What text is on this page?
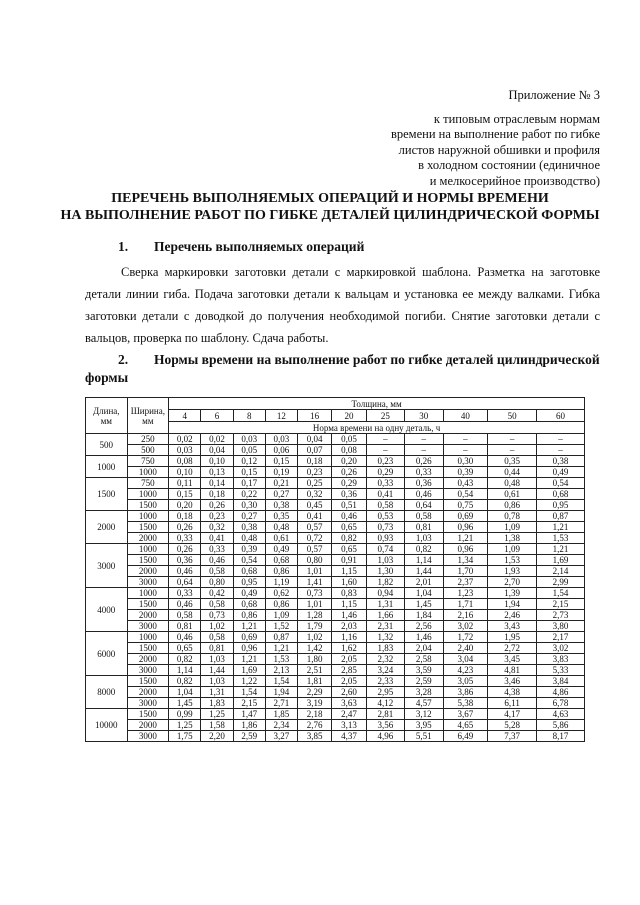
Приложение № 3
к типовым отраслевым нормам
времени на выполнение работ по гибке
листов наружной обшивки и профиля
в холодном состоянии (единичное
и мелкосерийное производство)
ПЕРЕЧЕНЬ ВЫПОЛНЯЕМЫХ ОПЕРАЦИЙ И НОРМЫ ВРЕМЕНИ
НА ВЫПОЛНЕНИЕ РАБОТ ПО ГИБКЕ ДЕТАЛЕЙ ЦИЛИНДРИЧЕСКОЙ ФОРМЫ
1. Перечень выполняемых операций
Сверка маркировки заготовки детали с маркировкой шаблона. Разметка на заготовке детали линии гиба. Подача заготовки детали к вальцам и установка ее между валками. Гибка заготовки детали с доводкой до получения необходимой погиби. Снятие заготовки детали с вальцов, проверка по шаблону. Сдача работы.
2. Нормы времени на выполнение работ по гибке деталей цилиндрической формы
Длина, мм	Ширина, мм	Толщина, мм										
		4	6	8	12	16	20	25	30	40	50	60
		Норма времени на одну деталь, ч										
500	250	0,02	0,02	0,03	0,03	0,04	0,05	–	–	–	–	–
	500	0,03	0,04	0,05	0,06	0,07	0,08	–	–	–	–	–
1000	750	0,08	0,10	0,12	0,15	0,18	0,20	0,23	0,26	0,30	0,35	0,38
	1000	0,10	0,13	0,15	0,19	0,23	0,26	0,29	0,33	0,39	0,44	0,49
1500	750	0,11	0,14	0,17	0,21	0,25	0,29	0,33	0,36	0,43	0,48	0,54
	1000	0,15	0,18	0,22	0,27	0,32	0,36	0,41	0,46	0,54	0,61	0,68
	1500	0,20	0,26	0,30	0,38	0,45	0,51	0,58	0,64	0,75	0,86	0,95
2000	1000	0,18	0,23	0,27	0,35	0,41	0,46	0,53	0,58	0,69	0,78	0,87
	1500	0,26	0,32	0,38	0,48	0,57	0,65	0,73	0,81	0,96	1,09	1,21
	2000	0,33	0,41	0,48	0,61	0,72	0,82	0,93	1,03	1,21	1,38	1,53
3000	1000	0,26	0,33	0,39	0,49	0,57	0,65	0,74	0,82	0,96	1,09	1,21
	1500	0,36	0,46	0,54	0,68	0,80	0,91	1,03	1,14	1,34	1,53	1,69
	2000	0,46	0,58	0,68	0,86	1,01	1,15	1,30	1,44	1,70	1,93	2,14
	3000	0,64	0,80	0,95	1,19	1,41	1,60	1,82	2,01	2,37	2,70	2,99
4000	1000	0,33	0,42	0,49	0,62	0,73	0,83	0,94	1,04	1,23	1,39	1,54
	1500	0,46	0,58	0,68	0,86	1,01	1,15	1,31	1,45	1,71	1,94	2,15
	2000	0,58	0,73	0,86	1,09	1,28	1,46	1,66	1,84	2,16	2,46	2,73
	3000	0,81	1,02	1,21	1,52	1,79	2,03	2,31	2,56	3,02	3,43	3,80
6000	1000	0,46	0,58	0,69	0,87	1,02	1,16	1,32	1,46	1,72	1,95	2,17
	1500	0,65	0,81	0,96	1,21	1,42	1,62	1,83	2,04	2,40	2,72	3,02
	2000	0,82	1,03	1,21	1,53	1,80	2,05	2,32	2,58	3,04	3,45	3,83
	3000	1,14	1,44	1,69	2,13	2,51	2,85	3,24	3,59	4,23	4,81	5,33
8000	1500	0,82	1,03	1,22	1,54	1,81	2,05	2,33	2,59	3,05	3,46	3,84
	2000	1,04	1,31	1,54	1,94	2,29	2,60	2,95	3,28	3,86	4,38	4,86
	3000	1,45	1,83	2,15	2,71	3,19	3,63	4,12	4,57	5,38	6,11	6,78
10000	1500	0,99	1,25	1,47	1,85	2,18	2,47	2,81	3,12	3,67	4,17	4,63
	2000	1,25	1,58	1,86	2,34	2,76	3,13	3,56	3,95	4,65	5,28	5,86
	3000	1,75	2,20	2,59	3,27	3,85	4,37	4,96	5,51	6,49	7,37	8,17
